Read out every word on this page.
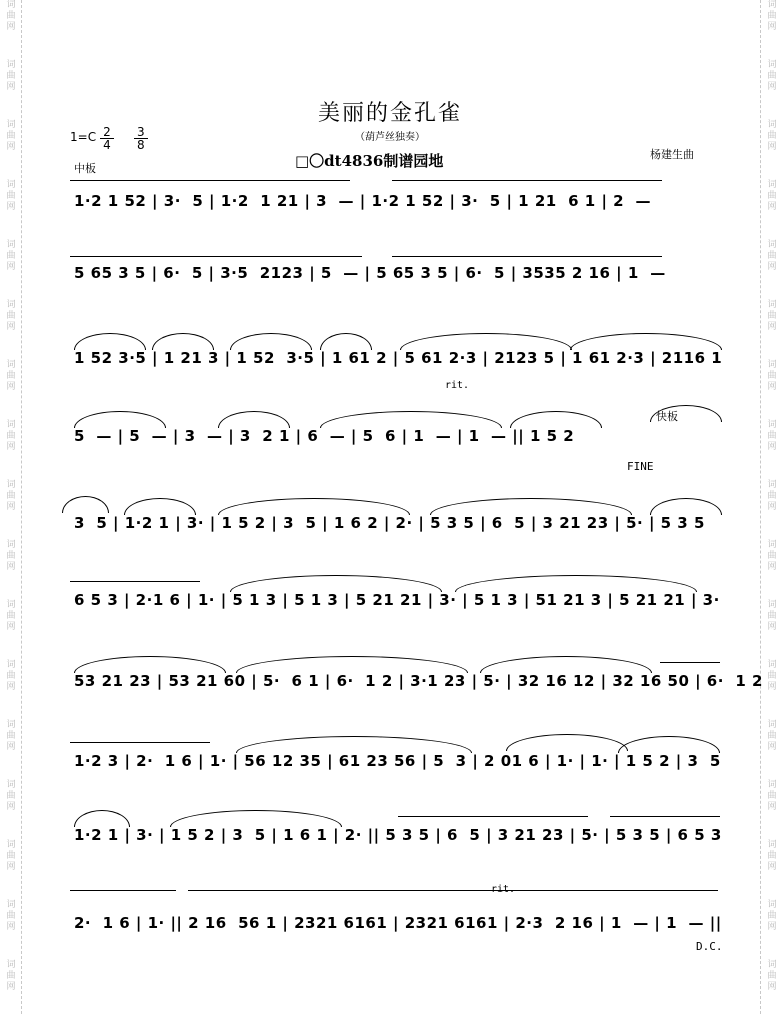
词
曲
网
词
曲
网
词
曲
网
词
曲
网
词
曲
网
词
曲
网
词
曲
网
词
曲
网
词
曲
网
词
曲
网
词
曲
网
词
曲
网
词
曲
网
词
曲
网
词
曲
网
词
曲
网
词
曲
网
词
曲
网
词
曲
网
词
曲
网
词
曲
网
词
曲
网
词
曲
网
词
曲
网
词
曲
网
词
曲
网
词
曲
网
词
曲
网
词
曲
网
词
曲
网
词
曲
网
词
曲
网
词
曲
网
词
曲
网
美丽的金孔雀
（葫芦丝独奏）
□〇dt4836制谱园地	杨建生曲
$1=C \frac{2}{4}$
$\frac{3}{8}$
中板
快板
FINE
D.C.
rit.
rit.
1·2 1 52 | 3·  5 | 1·2  1 21 | 3  — | 1·2 1 52 | 3·  5 | 1 21  6 1 | 2  —
5 65 3 5 | 6·  5 | 3·5  2123 | 5  — | 5 65 3 5 | 6·  5 | 3535 2 16 | 1  —
1 52 3·5 | 1 21 3 | 1 52  3·5 | 1 61 2 | 5 61 2·3 | 2123 5 | 1 61 2·3 | 2116 1
5  — | 5  — | 3  — | 3  2 1 | 6  — | 5  6 | 1  — | 1  — || 1 5 2
3  5 | 1·2 1 | 3· | 1 5 2 | 3  5 | 1 6 2 | 2· | 5 3 5 | 6  5 | 3 21 23 | 5· | 5 3 5
6 5 3 | 2·1 6 | 1· | 5 1 3 | 5 1 3 | 5 21 21 | 3· | 5 1 3 | 51 21 3 | 5 21 21 | 3·
53 21 23 | 53 21 60 | 5·  6 1 | 6·  1 2 | 3·1 23 | 5· | 32 16 12 | 32 16 50 | 6·  1 2
1·2 3 | 2·  1 6 | 1· | 56 12 35 | 61 23 56 | 5  3 | 2 01 6 | 1· | 1· | 1 5 2 | 3  5
1·2 1 | 3· | 1 5 2 | 3  5 | 1 6 1 | 2· || 5 3 5 | 6  5 | 3 21 23 | 5· | 5 3 5 | 6 5 3
2·  1 6 | 1· || 2 16  56 1 | 2321 6161 | 2321 6161 | 2·3  2 16 | 1  — | 1  — ||
